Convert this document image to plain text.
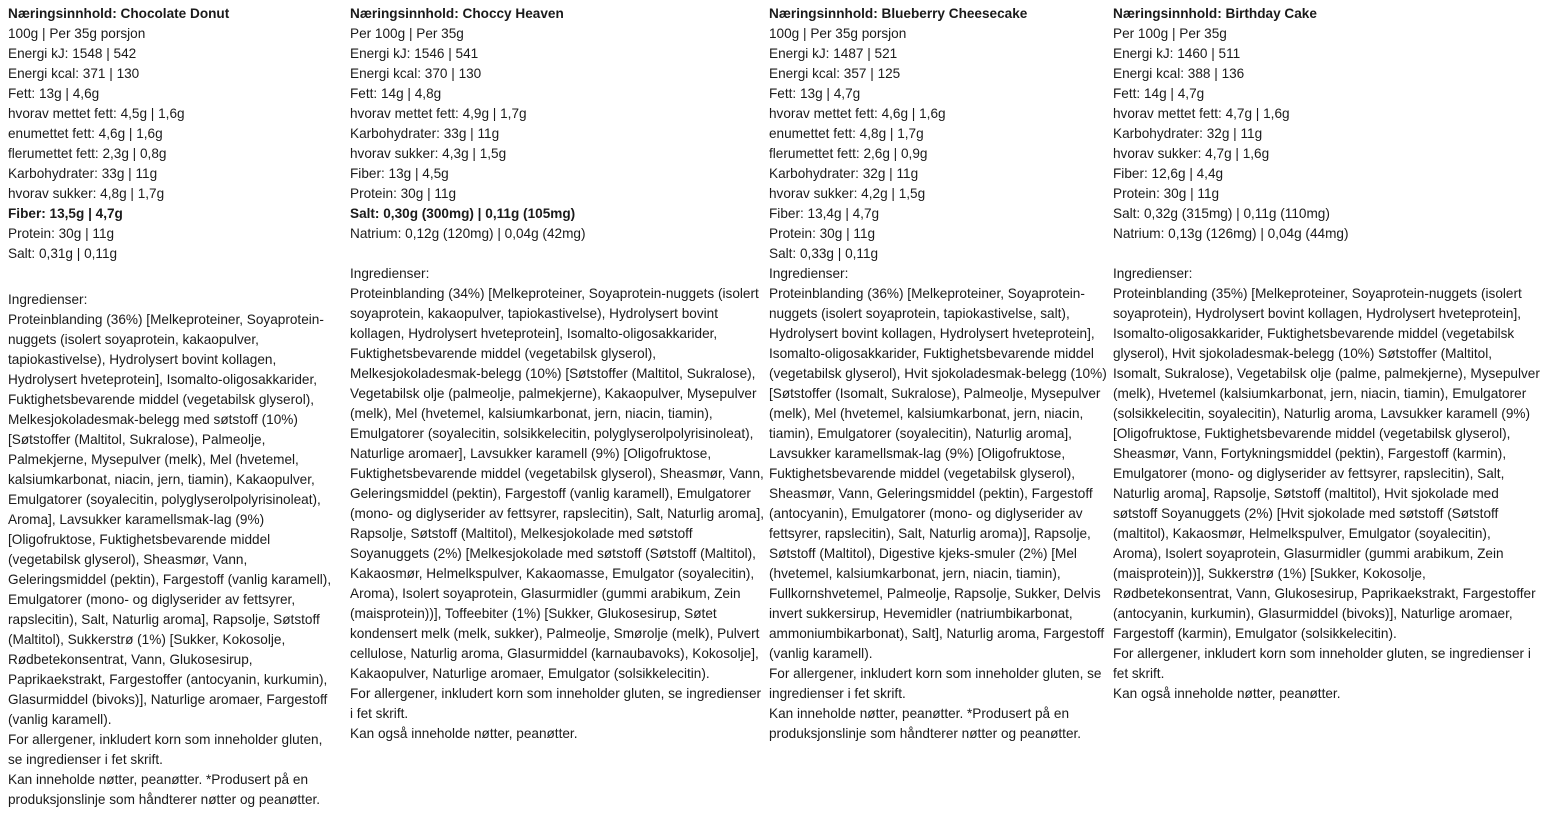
Næringsinnhold: Chocolate Donut
100g | Per 35g porsjon
Energi kJ: 1548 | 542
Energi kcal: 371 | 130
Fett: 13g | 4,6g
hvorav mettet fett: 4,5g | 1,6g
enumettet fett: 4,6g | 1,6g
flerumettet fett: 2,3g | 0,8g
Karbohydrater: 33g | 11g
hvorav sukker: 4,8g | 1,7g
Fiber: 13,5g | 4,7g
Protein: 30g | 11g
Salt: 0,31g | 0,11g
Ingredienser:
Proteinblanding (36%) [Melkeproteiner, Soyaprotein-nuggets (isolert soyaprotein, kakaopulver, tapiokastivelse), Hydrolysert bovint kollagen, Hydrolysert hveteprotein], Isomalto-oligosakkarider, Fuktighetsbevarende middel (vegetabilsk glyserol), Melkesjokoladesmak-belegg med søtstoff (10%) [Søtstoffer (Maltitol, Sukralose), Palmeolje, Palmekjerne, Mysepulver (melk), Mel (hvetemel, kalsiumkarbonat, niacin, jern, tiamin), Kakaopulver, Emulgatorer (soyalecitin, polyglyserolpolyrisinoleat), Aroma], Lavsukker karamellsmak-lag (9%) [Oligofruktose, Fuktighetsbevarende middel (vegetabilsk glyserol), Sheasmør, Vann, Geleringsmiddel (pektin), Fargestoff (vanlig karamell), Emulgatorer (mono- og diglyserider av fettsyrer, rapslecitin), Salt, Naturlig aroma], Rapsolje, Søtstoff (Maltitol), Sukkerstrø (1%) [Sukker, Kokosolje, Rødbetekonsentrat, Vann, Glukosesirup, Paprikaekstrakt, Fargestoffer (antocyanin, kurkumin), Glasurmiddel (bivoks)], Naturlige aromaer, Fargestoff (vanlig karamell).
For allergener, inkludert korn som inneholder gluten, se ingredienser i fet skrift.
Kan inneholde nøtter, peanøtter. *Produsert på en produksjonslinje som håndterer nøtter og peanøtter.
Næringsinnhold: Choccy Heaven
Per 100g | Per 35g
Energi kJ: 1546 | 541
Energi kcal: 370 | 130
Fett: 14g | 4,8g
hvorav mettet fett: 4,9g | 1,7g
Karbohydrater: 33g | 11g
hvorav sukker: 4,3g | 1,5g
Fiber: 13g | 4,5g
Protein: 30g | 11g
Salt: 0,30g (300mg) | 0,11g (105mg)
Natrium: 0,12g (120mg) | 0,04g (42mg)
Ingredienser:
Proteinblanding (34%) [Melkeproteiner, Soyaprotein-nuggets (isolert soyaprotein, kakaopulver, tapiokastivelse), Hydrolysert bovint kollagen, Hydrolysert hveteprotein], Isomalto-oligosakkarider, Fuktighetsbevarende middel (vegetabilsk glyserol), Melkesjokoladesmak-belegg (10%) [Søtstoffer (Maltitol, Sukralose), Vegetabilsk olje (palmeolje, palmekjerne), Kakaopulver, Mysepulver (melk), Mel (hvetemel, kalsiumkarbonat, jern, niacin, tiamin), Emulgatorer (soyalecitin, solsikkelecitin, polyglyserolpolyrisinoleat), Naturlige aromaer], Lavsukker karamell (9%) [Oligofruktose, Fuktighetsbevarende middel (vegetabilsk glyserol), Sheasmør, Vann, Geleringsmiddel (pektin), Fargestoff (vanlig karamell), Emulgatorer (mono- og diglyserider av fettsyrer, rapslecitin), Salt, Naturlig aroma], Rapsolje, Søtstoff (Maltitol), Melkesjokolade med søtstoff Soyanuggets (2%) [Melkesjokolade med søtstoff (Søtstoff (Maltitol), Kakaosmør, Helmelkspulver, Kakaomasse, Emulgator (soyalecitin), Aroma), Isolert soyaprotein, Glasurmidler (gummi arabikum, Zein (maisprotein))], Toffeebiter (1%) [Sukker, Glukosesirup, Søtet kondensert melk (melk, sukker), Palmeolje, Smørolje (melk), Pulvert cellulose, Naturlig aroma, Glasurmiddel (karnaubavoks), Kokosolje], Kakaopulver, Naturlige aromaer, Emulgator (solsikkelecitin).
For allergener, inkludert korn som inneholder gluten, se ingredienser i fet skrift.
Kan også inneholde nøtter, peanøtter.
Næringsinnhold: Blueberry Cheesecake
100g | Per 35g porsjon
Energi kJ: 1487 | 521
Energi kcal: 357 | 125
Fett: 13g | 4,7g
hvorav mettet fett: 4,6g | 1,6g
enumettet fett: 4,8g | 1,7g
flerumettet fett: 2,6g | 0,9g
Karbohydrater: 32g | 11g
hvorav sukker: 4,2g | 1,5g
Fiber: 13,4g | 4,7g
Protein: 30g | 11g
Salt: 0,33g | 0,11g
Ingredienser:
Proteinblanding (36%) [Melkeproteiner, Soyaprotein-nuggets (isolert soyaprotein, tapiokastivelse, salt), Hydrolysert bovint kollagen, Hydrolysert hveteprotein], Isomalto-oligosakkarider, Fuktighetsbevarende middel (vegetabilsk glyserol), Hvit sjokoladesmak-belegg (10%) [Søtstoffer (Isomalt, Sukralose), Palmeolje, Mysepulver (melk), Mel (hvetemel, kalsiumkarbonat, jern, niacin, tiamin), Emulgatorer (soyalecitin), Naturlig aroma], Lavsukker karamellsmak-lag (9%) [Oligofruktose, Fuktighetsbevarende middel (vegetabilsk glyserol), Sheasmør, Vann, Geleringsmiddel (pektin), Fargestoff (antocyanin), Emulgatorer (mono- og diglyserider av fettsyrer, rapslecitin), Salt, Naturlig aroma)], Rapsolje, Søtstoff (Maltitol), Digestive kjeks-smuler (2%) [Mel (hvetemel, kalsiumkarbonat, jern, niacin, tiamin), Fullkornshvetemel, Palmeolje, Rapsolje, Sukker, Delvis invert sukkersirup, Hevemidler (natriumbikarbonat, ammoniumbikarbonat), Salt], Naturlig aroma, Fargestoff (vanlig karamell).
For allergener, inkludert korn som inneholder gluten, se ingredienser i fet skrift.
Kan inneholde nøtter, peanøtter. *Produsert på en produksjonslinje som håndterer nøtter og peanøtter.
Næringsinnhold: Birthday Cake
Per 100g | Per 35g
Energi kJ: 1460 | 511
Energi kcal: 388 | 136
Fett: 14g | 4,7g
hvorav mettet fett: 4,7g | 1,6g
Karbohydrater: 32g | 11g
hvorav sukker: 4,7g | 1,6g
Fiber: 12,6g | 4,4g
Protein: 30g | 11g
Salt: 0,32g (315mg) | 0,11g (110mg)
Natrium: 0,13g (126mg) | 0,04g (44mg)
Ingredienser:
Proteinblanding (35%) [Melkeproteiner, Soyaprotein-nuggets (isolert soyaprotein), Hydrolysert bovint kollagen, Hydrolysert hveteprotein], Isomalto-oligosakkarider, Fuktighetsbevarende middel (vegetabilsk glyserol), Hvit sjokoladesmak-belegg (10%) Søtstoffer (Maltitol, Isomalt, Sukralose), Vegetabilsk olje (palme, palmekjerne), Mysepulver (melk), Hvetemel (kalsiumkarbonat, jern, niacin, tiamin), Emulgatorer (solsikkelecitin, soyalecitin), Naturlig aroma, Lavsukker karamell (9%) [Oligofruktose, Fuktighetsbevarende middel (vegetabilsk glyserol), Sheasmør, Vann, Fortykningsmiddel (pektin), Fargestoff (karmin), Emulgatorer (mono- og diglyserider av fettsyrer, rapslecitin), Salt, Naturlig aroma], Rapsolje, Søtstoff (maltitol), Hvit sjokolade med søtstoff Soyanuggets (2%) [Hvit sjokolade med søtstoff (Søtstoff (maltitol), Kakaosmør, Helmelkspulver, Emulgator (soyalecitin), Aroma), Isolert soyaprotein, Glasurmidler (gummi arabikum, Zein (maisprotein))], Sukkerstrø (1%) [Sukker, Kokosolje, Rødbetekonsentrat, Vann, Glukosesirup, Paprikaekstrakt, Fargestoffer (antocyanin, kurkumin), Glasurmiddel (bivoks)], Naturlige aromaer, Fargestoff (karmin), Emulgator (solsikkelecitin).
For allergener, inkludert korn som inneholder gluten, se ingredienser i fet skrift.
Kan også inneholde nøtter, peanøtter.
